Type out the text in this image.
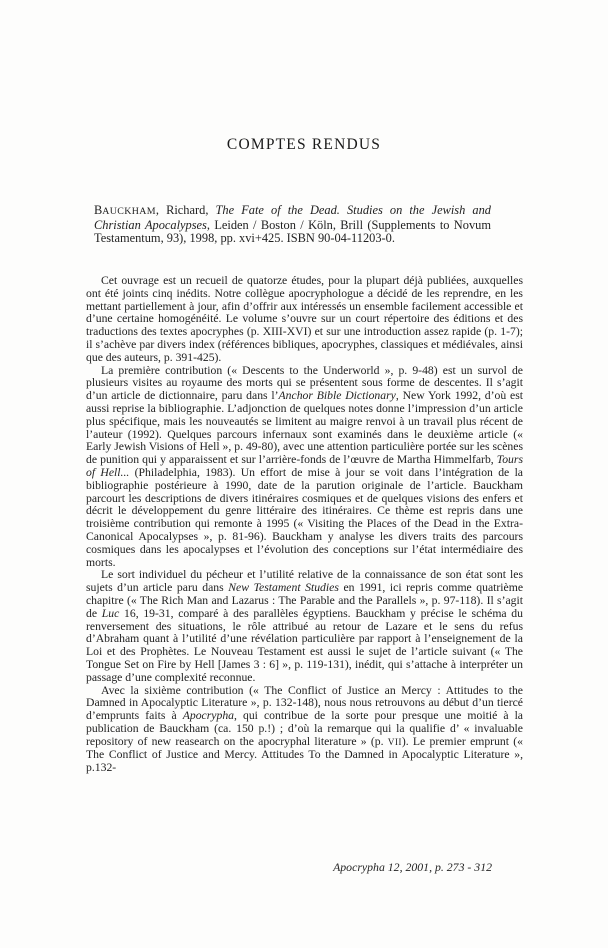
COMPTES RENDUS

BAUCKHAM, Richard, The Fate of the Dead. Studies on the Jewish and Christian Apocalypses, Leiden / Boston / Köln, Brill (Supplements to Novum Testamentum, 93), 1998, pp. xvi+425. ISBN 90-04-11203-0.

Cet ouvrage est un recueil de quatorze études, pour la plupart déjà publiées, auxquelles ont été joints cinq inédits. Notre collègue apocryphologue a décidé de les reprendre, en les mettant partiellement à jour, afin d’offrir aux intéressés un ensemble facilement accessible et d’une certaine homogénéité. Le volume s’ouvre sur un court répertoire des éditions et des traductions des textes apocryphes (p. XIII-XVI) et sur une introduction assez rapide (p. 1-7); il s’achève par divers index (références bibliques, apocryphes, classiques et médiévales, ainsi que des auteurs, p. 391-425).

La première contribution (« Descents to the Underworld », p. 9-48) est un survol de plusieurs visites au royaume des morts qui se présentent sous forme de descentes. Il s’agit d’un article de dictionnaire, paru dans l’Anchor Bible Dictionary, New York 1992, d’où est aussi reprise la bibliographie. L’adjonction de quelques notes donne l’impression d’un article plus spécifique, mais les nouveautés se limitent au maigre renvoi à un travail plus récent de l’auteur (1992). Quelques parcours infernaux sont examinés dans le deuxième article (« Early Jewish Visions of Hell », p. 49-80), avec une attention particulière portée sur les scènes de punition qui y apparaissent et sur l’arrière-fonds de l’œuvre de Martha Himmelfarb, Tours of Hell... (Philadelphia, 1983). Un effort de mise à jour se voit dans l’intégration de la bibliographie postérieure à 1990, date de la parution originale de l’article. Bauckham parcourt les descriptions de divers itinéraires cosmiques et de quelques visions des enfers et décrit le développement du genre littéraire des itinéraires. Ce thème est repris dans une troisième contribution qui remonte à 1995 (« Visiting the Places of the Dead in the Extra-Canonical Apocalypses », p. 81-96). Bauckham y analyse les divers traits des parcours cosmiques dans les apocalypses et l’évolution des conceptions sur l’état intermédiaire des morts.

Le sort individuel du pécheur et l’utilité relative de la connaissance de son état sont les sujets d’un article paru dans New Testament Studies en 1991, ici repris comme quatrième chapitre (« The Rich Man and Lazarus : The Parable and the Parallels », p. 97-118). Il s’agit de Luc 16, 19-31, comparé à des parallèles égyptiens. Bauckham y précise le schéma du renversement des situations, le rôle attribué au retour de Lazare et le sens du refus d’Abraham quant à l’utilité d’une révélation particulière par rapport à l’enseignement de la Loi et des Prophètes. Le Nouveau Testament est aussi le sujet de l’article suivant (« The Tongue Set on Fire by Hell [James 3 : 6] », p. 119-131), inédit, qui s’attache à interpréter un passage d’une complexité reconnue.

Avec la sixième contribution (« The Conflict of Justice an Mercy : Attitudes to the Damned in Apocalyptic Literature », p. 132-148), nous nous retrouvons au début d’un tiercé d’emprunts faits à Apocrypha, qui contribue de la sorte pour presque une moitié à la publication de Bauckham (ca. 150 p.!) ; d’où la remarque qui la qualifie d’ « invaluable repository of new reasearch on the apocryphal literature » (p. VII). Le premier emprunt (« The Conflict of Justice and Mercy. Attitudes To the Damned in Apocalyptic Literature », p.132-

Apocrypha 12, 2001, p. 273 - 312
